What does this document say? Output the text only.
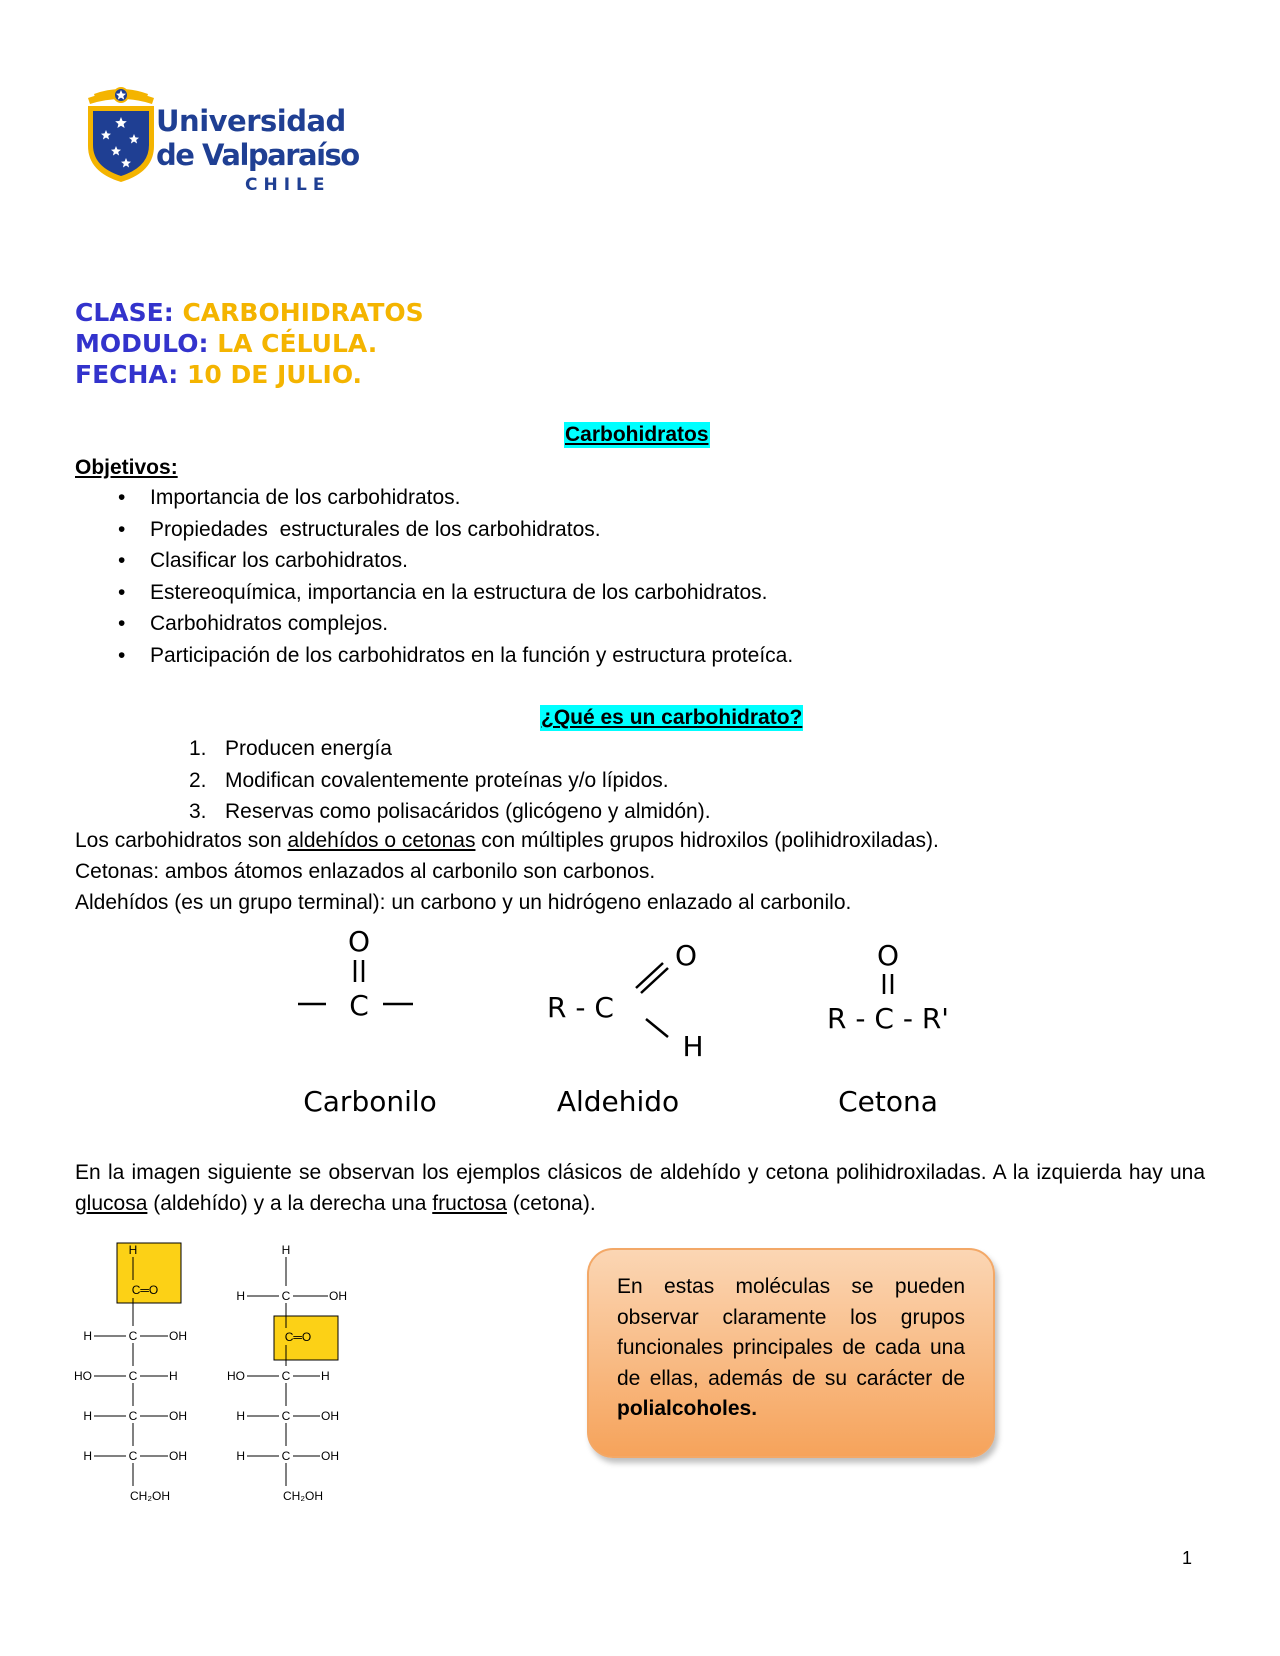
Universidad
de Valparaíso
CHILE
CLASE: CARBOHIDRATOS
MODULO: LA CÉLULA.
FECHA: 10 DE JULIO.
Carbohidratos
Objetivos:
• Importancia de los carbohidratos.
• Propiedades  estructurales de los carbohidratos.
• Clasificar los carbohidratos.
• Estereoquímica, importancia en la estructura de los carbohidratos.
• Carbohidratos complejos.
• Participación de los carbohidratos en la función y estructura proteíca.
¿Qué es un carbohidrato?
1. Producen energía
2. Modifican covalentemente proteínas y/o lípidos.
3. Reservas como polisacáridos (glicógeno y almidón).
Los carbohidratos son aldehídos o cetonas con múltiples grupos hidroxilos (polihidroxiladas).
Cetonas: ambos átomos enlazados al carbonilo son carbonos.
Aldehídos (es un grupo terminal): un carbono y un hidrógeno enlazado al carbonilo.
O
C
Carbonilo
R - C
O
H
Aldehido
O
R - C - R'
Cetona
En la imagen siguiente se observan los ejemplos clásicos de aldehído y cetona polihidroxiladas. A la izquierda hay una glucosa (aldehído) y a la derecha una fructosa (cetona).
H
C═O
H	C	OH
HO	C	H
H	C	OH
H	C	OH
CH₂OH
H
H	C	OH
C═O
HO	C	H
H	C	OH
H	C	OH
CH₂OH
En estas moléculas se pueden observar claramente los grupos funcionales principales de cada una de ellas, además de su carácter de polialcoholes.
1
